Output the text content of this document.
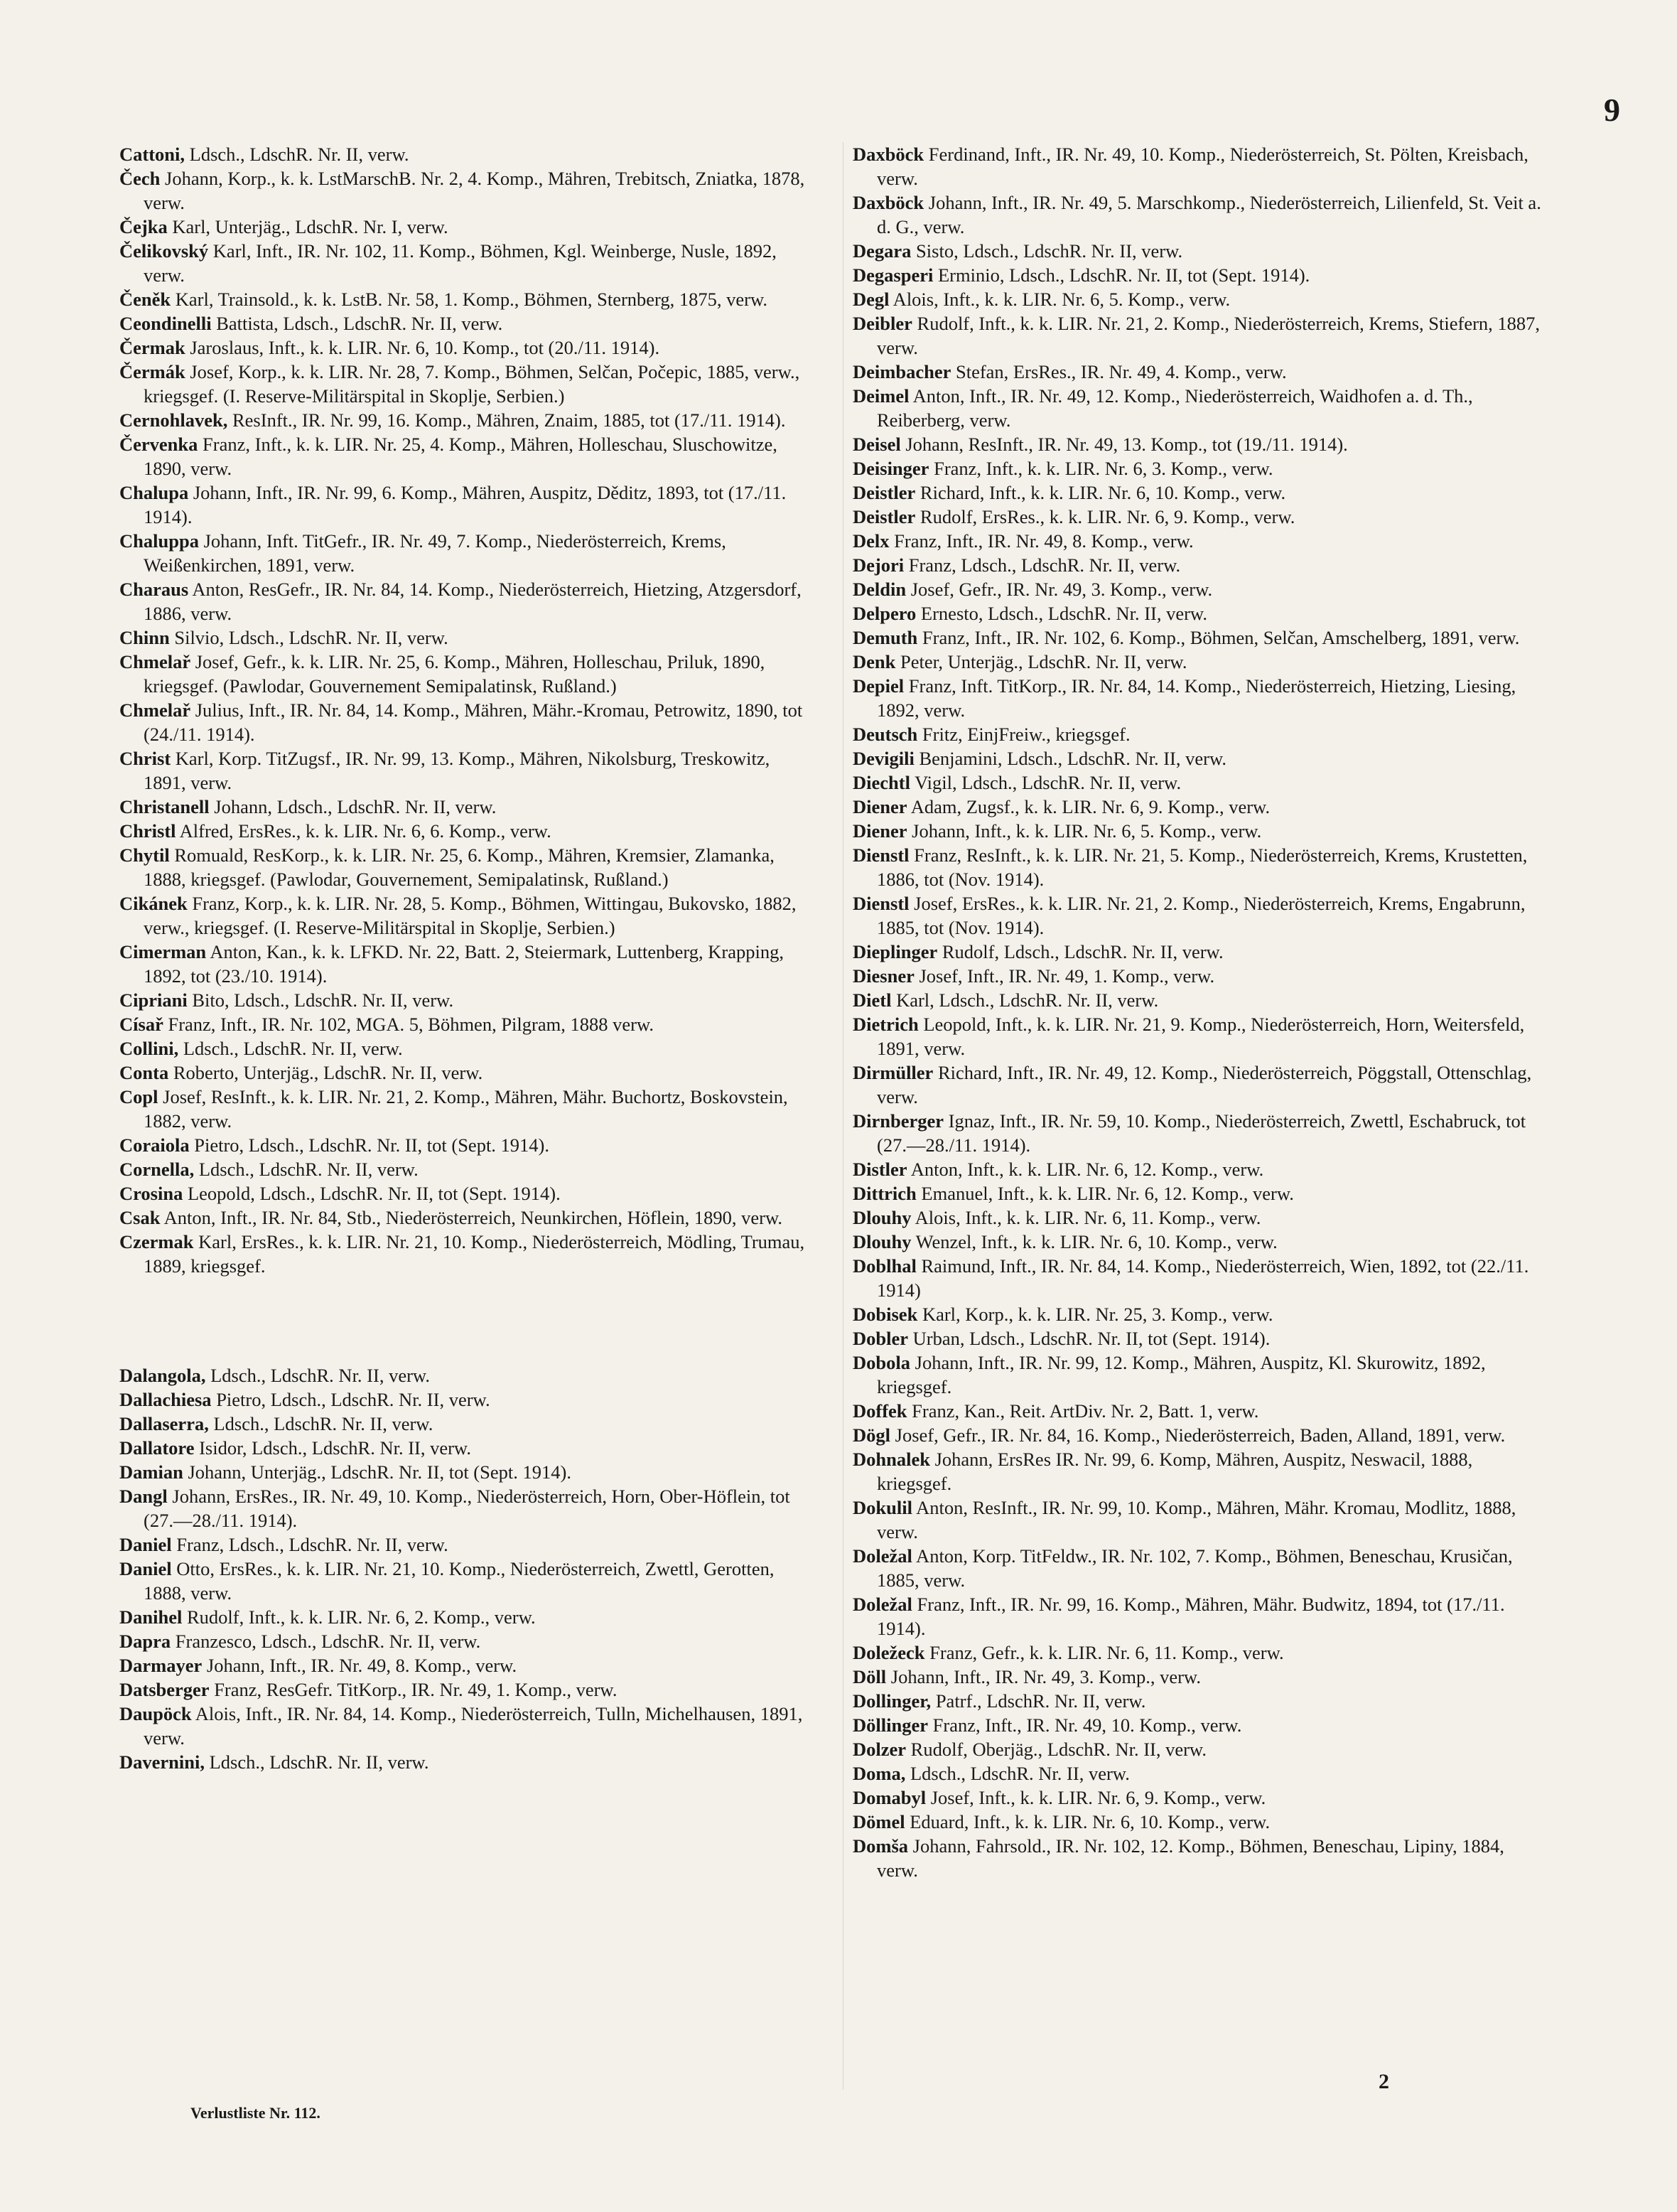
9

Cattoni, Ldsch., LdschR. Nr. II, verw.

Čech Johann, Korp., k. k. LstMarschB. Nr. 2, 4. Komp., Mähren, Trebitsch, Zniatka, 1878, verw.

Čejka Karl, Unterjäg., LdschR. Nr. I, verw.

Čelikovský Karl, Inft., IR. Nr. 102, 11. Komp., Böhmen, Kgl. Weinberge, Nusle, 1892, verw.

Čeněk Karl, Trainsold., k. k. LstB. Nr. 58, 1. Komp., Böhmen, Sternberg, 1875, verw.

Ceondinelli Battista, Ldsch., LdschR. Nr. II, verw.

Čermak Jaroslaus, Inft., k. k. LIR. Nr. 6, 10. Komp., tot (20./11. 1914).

Čermák Josef, Korp., k. k. LIR. Nr. 28, 7. Komp., Böhmen, Selčan, Počepic, 1885, verw., kriegsgef. (I. Reserve-Militärspital in Skoplje, Serbien.)

Cernohlavek, ResInft., IR. Nr. 99, 16. Komp., Mähren, Znaim, 1885, tot (17./11. 1914).

Červenka Franz, Inft., k. k. LIR. Nr. 25, 4. Komp., Mähren, Holleschau, Sluschowitze, 1890, verw.

Chalupa Johann, Inft., IR. Nr. 99, 6. Komp., Mähren, Auspitz, Děditz, 1893, tot (17./11. 1914).

Chaluppa Johann, Inft. TitGefr., IR. Nr. 49, 7. Komp., Niederösterreich, Krems, Weißenkirchen, 1891, verw.

Charaus Anton, ResGefr., IR. Nr. 84, 14. Komp., Niederösterreich, Hietzing, Atzgersdorf, 1886, verw.

Chinn Silvio, Ldsch., LdschR. Nr. II, verw.

Chmelař Josef, Gefr., k. k. LIR. Nr. 25, 6. Komp., Mähren, Holleschau, Priluk, 1890, kriegsgef. (Pawlodar, Gouvernement Semipalatinsk, Rußland.)

Chmelař Julius, Inft., IR. Nr. 84, 14. Komp., Mähren, Mähr.-Kromau, Petrowitz, 1890, tot (24./11. 1914).

Christ Karl, Korp. TitZugsf., IR. Nr. 99, 13. Komp., Mähren, Nikolsburg, Treskowitz, 1891, verw.

Christanell Johann, Ldsch., LdschR. Nr. II, verw.

Christl Alfred, ErsRes., k. k. LIR. Nr. 6, 6. Komp., verw.

Chytil Romuald, ResKorp., k. k. LIR. Nr. 25, 6. Komp., Mähren, Kremsier, Zlamanka, 1888, kriegsgef. (Pawlodar, Gouvernement, Semipalatinsk, Rußland.)

Cikánek Franz, Korp., k. k. LIR. Nr. 28, 5. Komp., Böhmen, Wittingau, Bukovsko, 1882, verw., kriegsgef. (I. Reserve-Militärspital in Skoplje, Serbien.)

Cimerman Anton, Kan., k. k. LFKD. Nr. 22, Batt. 2, Steiermark, Luttenberg, Krapping, 1892, tot (23./10. 1914).

Cipriani Bito, Ldsch., LdschR. Nr. II, verw.

Císař Franz, Inft., IR. Nr. 102, MGA. 5, Böhmen, Pilgram, 1888 verw.

Collini, Ldsch., LdschR. Nr. II, verw.

Conta Roberto, Unterjäg., LdschR. Nr. II, verw.

Copl Josef, ResInft., k. k. LIR. Nr. 21, 2. Komp., Mähren, Mähr. Buchortz, Boskovstein, 1882, verw.

Coraiola Pietro, Ldsch., LdschR. Nr. II, tot (Sept. 1914).

Cornella, Ldsch., LdschR. Nr. II, verw.

Crosina Leopold, Ldsch., LdschR. Nr. II, tot (Sept. 1914).

Csak Anton, Inft., IR. Nr. 84, Stb., Niederösterreich, Neunkirchen, Höflein, 1890, verw.

Czermak Karl, ErsRes., k. k. LIR. Nr. 21, 10. Komp., Niederösterreich, Mödling, Trumau, 1889, kriegsgef.

Dalangola, Ldsch., LdschR. Nr. II, verw.

Dallachiesa Pietro, Ldsch., LdschR. Nr. II, verw.

Dallaserra, Ldsch., LdschR. Nr. II, verw.

Dallatore Isidor, Ldsch., LdschR. Nr. II, verw.

Damian Johann, Unterjäg., LdschR. Nr. II, tot (Sept. 1914).

Dangl Johann, ErsRes., IR. Nr. 49, 10. Komp., Niederösterreich, Horn, Ober-Höflein, tot (27.—28./11. 1914).

Daniel Franz, Ldsch., LdschR. Nr. II, verw.

Daniel Otto, ErsRes., k. k. LIR. Nr. 21, 10. Komp., Niederösterreich, Zwettl, Gerotten, 1888, verw.

Danihel Rudolf, Inft., k. k. LIR. Nr. 6, 2. Komp., verw.

Dapra Franzesco, Ldsch., LdschR. Nr. II, verw.

Darmayer Johann, Inft., IR. Nr. 49, 8. Komp., verw.

Datsberger Franz, ResGefr. TitKorp., IR. Nr. 49, 1. Komp., verw.

Daupöck Alois, Inft., IR. Nr. 84, 14. Komp., Niederösterreich, Tulln, Michelhausen, 1891, verw.

Davernini, Ldsch., LdschR. Nr. II, verw.

Daxböck Ferdinand, Inft., IR. Nr. 49, 10. Komp., Niederösterreich, St. Pölten, Kreisbach, verw.

Daxböck Johann, Inft., IR. Nr. 49, 5. Marschkomp., Niederösterreich, Lilienfeld, St. Veit a. d. G., verw.

Degara Sisto, Ldsch., LdschR. Nr. II, verw.

Degasperi Erminio, Ldsch., LdschR. Nr. II, tot (Sept. 1914).

Degl Alois, Inft., k. k. LIR. Nr. 6, 5. Komp., verw.

Deibler Rudolf, Inft., k. k. LIR. Nr. 21, 2. Komp., Niederösterreich, Krems, Stiefern, 1887, verw.

Deimbacher Stefan, ErsRes., IR. Nr. 49, 4. Komp., verw.

Deimel Anton, Inft., IR. Nr. 49, 12. Komp., Niederösterreich, Waidhofen a. d. Th., Reiberberg, verw.

Deisel Johann, ResInft., IR. Nr. 49, 13. Komp., tot (19./11. 1914).

Deisinger Franz, Inft., k. k. LIR. Nr. 6, 3. Komp., verw.

Deistler Richard, Inft., k. k. LIR. Nr. 6, 10. Komp., verw.

Deistler Rudolf, ErsRes., k. k. LIR. Nr. 6, 9. Komp., verw.

Delx Franz, Inft., IR. Nr. 49, 8. Komp., verw.

Dejori Franz, Ldsch., LdschR. Nr. II, verw.

Deldin Josef, Gefr., IR. Nr. 49, 3. Komp., verw.

Delpero Ernesto, Ldsch., LdschR. Nr. II, verw.

Demuth Franz, Inft., IR. Nr. 102, 6. Komp., Böhmen, Selčan, Amschelberg, 1891, verw.

Denk Peter, Unterjäg., LdschR. Nr. II, verw.

Depiel Franz, Inft. TitKorp., IR. Nr. 84, 14. Komp., Niederösterreich, Hietzing, Liesing, 1892, verw.

Deutsch Fritz, EinjFreiw., kriegsgef.

Devigili Benjamini, Ldsch., LdschR. Nr. II, verw.

Diechtl Vigil, Ldsch., LdschR. Nr. II, verw.

Diener Adam, Zugsf., k. k. LIR. Nr. 6, 9. Komp., verw.

Diener Johann, Inft., k. k. LIR. Nr. 6, 5. Komp., verw.

Dienstl Franz, ResInft., k. k. LIR. Nr. 21, 5. Komp., Niederösterreich, Krems, Krustetten, 1886, tot (Nov. 1914).

Dienstl Josef, ErsRes., k. k. LIR. Nr. 21, 2. Komp., Niederösterreich, Krems, Engabrunn, 1885, tot (Nov. 1914).

Dieplinger Rudolf, Ldsch., LdschR. Nr. II, verw.

Diesner Josef, Inft., IR. Nr. 49, 1. Komp., verw.

Dietl Karl, Ldsch., LdschR. Nr. II, verw.

Dietrich Leopold, Inft., k. k. LIR. Nr. 21, 9. Komp., Niederösterreich, Horn, Weitersfeld, 1891, verw.

Dirmüller Richard, Inft., IR. Nr. 49, 12. Komp., Niederösterreich, Pöggstall, Ottenschlag, verw.

Dirnberger Ignaz, Inft., IR. Nr. 59, 10. Komp., Niederösterreich, Zwettl, Eschabruck, tot (27.—28./11. 1914).

Distler Anton, Inft., k. k. LIR. Nr. 6, 12. Komp., verw.

Dittrich Emanuel, Inft., k. k. LIR. Nr. 6, 12. Komp., verw.

Dlouhy Alois, Inft., k. k. LIR. Nr. 6, 11. Komp., verw.

Dlouhy Wenzel, Inft., k. k. LIR. Nr. 6, 10. Komp., verw.

Doblhal Raimund, Inft., IR. Nr. 84, 14. Komp., Niederösterreich, Wien, 1892, tot (22./11. 1914)

Dobisek Karl, Korp., k. k. LIR. Nr. 25, 3. Komp., verw.

Dobler Urban, Ldsch., LdschR. Nr. II, tot (Sept. 1914).

Dobola Johann, Inft., IR. Nr. 99, 12. Komp., Mähren, Auspitz, Kl. Skurowitz, 1892, kriegsgef.

Doffek Franz, Kan., Reit. ArtDiv. Nr. 2, Batt. 1, verw.

Dögl Josef, Gefr., IR. Nr. 84, 16. Komp., Niederösterreich, Baden, Alland, 1891, verw.

Dohnalek Johann, ErsRes IR. Nr. 99, 6. Komp, Mähren, Auspitz, Neswacil, 1888, kriegsgef.

Dokulil Anton, ResInft., IR. Nr. 99, 10. Komp., Mähren, Mähr. Kromau, Modlitz, 1888, verw.

Doležal Anton, Korp. TitFeldw., IR. Nr. 102, 7. Komp., Böhmen, Beneschau, Krusičan, 1885, verw.

Doležal Franz, Inft., IR. Nr. 99, 16. Komp., Mähren, Mähr. Budwitz, 1894, tot (17./11. 1914).

Doležeck Franz, Gefr., k. k. LIR. Nr. 6, 11. Komp., verw.

Döll Johann, Inft., IR. Nr. 49, 3. Komp., verw.

Dollinger, Patrf., LdschR. Nr. II, verw.

Döllinger Franz, Inft., IR. Nr. 49, 10. Komp., verw.

Dolzer Rudolf, Oberjäg., LdschR. Nr. II, verw.

Doma, Ldsch., LdschR. Nr. II, verw.

Domabyl Josef, Inft., k. k. LIR. Nr. 6, 9. Komp., verw.

Dömel Eduard, Inft., k. k. LIR. Nr. 6, 10. Komp., verw.

Domša Johann, Fahrsold., IR. Nr. 102, 12. Komp., Böhmen, Beneschau, Lipiny, 1884, verw.

Verlustliste Nr. 112.
2
